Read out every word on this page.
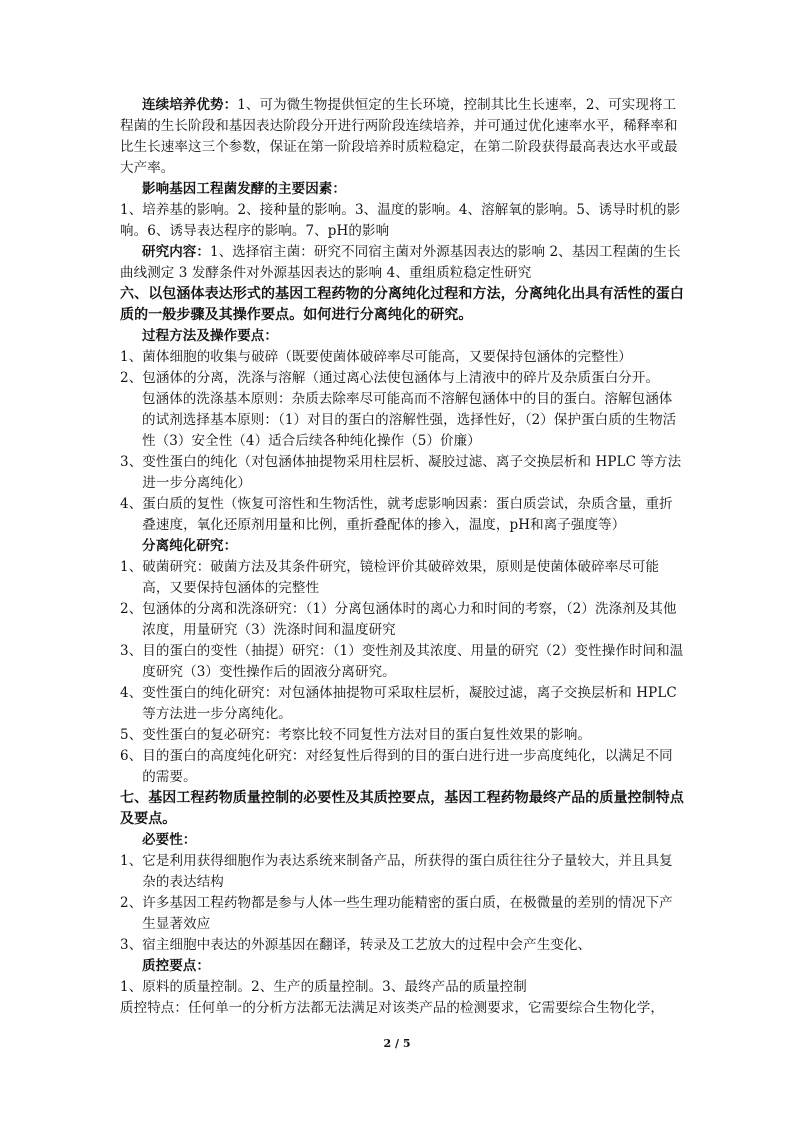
连续培养优势：1、可为微生物提供恒定的生长环境，控制其比生长速率，2、可实现将工程菌的生长阶段和基因表达阶段分开进行两阶段连续培养，并可通过优化速率水平，稀释率和比生长速率这三个参数，保证在第一阶段培养时质粒稳定，在第二阶段获得最高表达水平或最大产率。

影响基因工程菌发酵的主要因素：

1、培养基的影响。2、接种量的影响。3、温度的影响。4、溶解氧的影响。5、诱导时机的影响。6、诱导表达程序的影响。7、pH的影响

研究内容：1、选择宿主菌：研究不同宿主菌对外源基因表达的影响 2、基因工程菌的生长曲线测定 3 发酵条件对外源基因表达的影响 4、重组质粒稳定性研究

六、以包涵体表达形式的基因工程药物的分离纯化过程和方法，分离纯化出具有活性的蛋白质的一般步骤及其操作要点。如何进行分离纯化的研究。

过程方法及操作要点：

1、 菌体细胞的收集与破碎（既要使菌体破碎率尽可能高，又要保持包涵体的完整性）
2、 包涵体的分离，洗涤与溶解（通过离心法使包涵体与上清液中的碎片及杂质蛋白分开。

包涵体的洗涤基本原则：杂质去除率尽可能高而不溶解包涵体中的目的蛋白。溶解包涵体的试剂选择基本原则：（1）对目的蛋白的溶解性强，选择性好，（2）保护蛋白质的生物活性（3）安全性（4）适合后续各种纯化操作（5）价廉）

3、 变性蛋白的纯化（对包涵体抽提物采用柱层析、凝胶过滤、离子交换层析和 HPLC 等方法进一步分离纯化）
4、 蛋白质的复性（恢复可溶性和生物活性，就考虑影响因素：蛋白质尝试，杂质含量，重折叠速度，氧化还原剂用量和比例，重折叠配体的掺入，温度，pH和离子强度等）

分离纯化研究：

1、 破菌研究：破菌方法及其条件研究，镜检评价其破碎效果，原则是使菌体破碎率尽可能高，又要保持包涵体的完整性
2、 包涵体的分离和洗涤研究：（1）分离包涵体时的离心力和时间的考察，（2）洗涤剂及其他浓度，用量研究（3）洗涤时间和温度研究
3、 目的蛋白的变性（抽提）研究：（1）变性剂及其浓度、用量的研究（2）变性操作时间和温度研究（3）变性操作后的固液分离研究。
4、 变性蛋白的纯化研究：对包涵体抽提物可采取柱层析，凝胶过滤，离子交换层析和 HPLC 等方法进一步分离纯化。
5、 变性蛋白的复必研究：考察比较不同复性方法对目的蛋白复性效果的影响。
6、 目的蛋白的高度纯化研究：对经复性后得到的目的蛋白进行进一步高度纯化，以满足不同的需要。

七、基因工程药物质量控制的必要性及其质控要点，基因工程药物最终产品的质量控制特点及要点。

必要性：

1、 它是利用获得细胞作为表达系统来制备产品，所获得的蛋白质往往分子量较大，并且具复杂的表达结构
2、 许多基因工程药物都是参与人体一些生理功能精密的蛋白质，在极微量的差别的情况下产生显著效应
3、 宿主细胞中表达的外源基因在翻译，转录及工艺放大的过程中会产生变化、

质控要点：

1、 原料的质量控制。2、生产的质量控制。3、最终产品的质量控制

质控特点：任何单一的分析方法都无法满足对该类产品的检测要求，它需要综合生物化学，

2 / 5
